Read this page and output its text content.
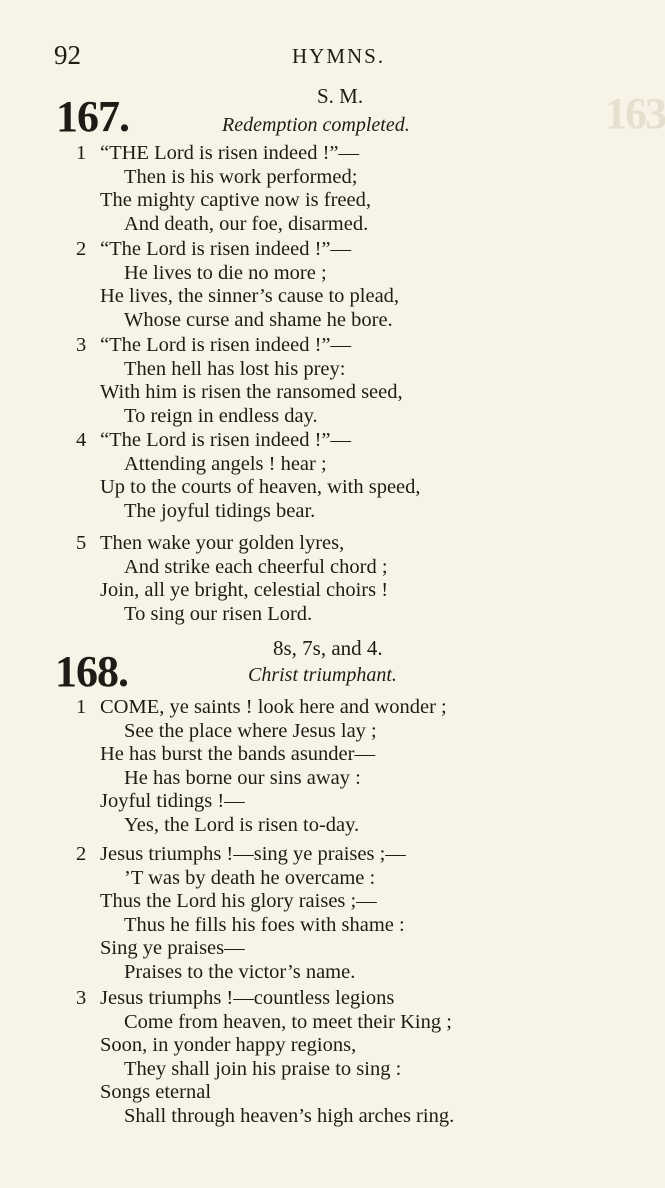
92	HYMNS.
163
167.	S. M.
Redemption completed.
1 “THE Lord is risen indeed !”—
Then is his work performed;
The mighty captive now is freed,
And death, our foe, disarmed.
2 “The Lord is risen indeed !”—
He lives to die no more ;
He lives, the sinner’s cause to plead,
Whose curse and shame he bore.
3 “The Lord is risen indeed !”—
Then hell has lost his prey:
With him is risen the ransomed seed,
To reign in endless day.
4 “The Lord is risen indeed !”—
Attending angels ! hear ;
Up to the courts of heaven, with speed,
The joyful tidings bear.
5 Then wake your golden lyres,
And strike each cheerful chord ;
Join, all ye bright, celestial choirs !
To sing our risen Lord.
8s, 7s, and 4.
168.	Christ triumphant.
1 COME, ye saints ! look here and wonder ;
See the place where Jesus lay ;
He has burst the bands asunder—
He has borne our sins away :
Joyful tidings !—
Yes, the Lord is risen to-day.
2 Jesus triumphs !—sing ye praises ;—
’T was by death he overcame :
Thus the Lord his glory raises ;—
Thus he fills his foes with shame :
Sing ye praises—
Praises to the victor’s name.
3 Jesus triumphs !—countless legions
Come from heaven, to meet their King ;
Soon, in yonder happy regions,
They shall join his praise to sing :
Songs eternal
Shall through heaven’s high arches ring.
